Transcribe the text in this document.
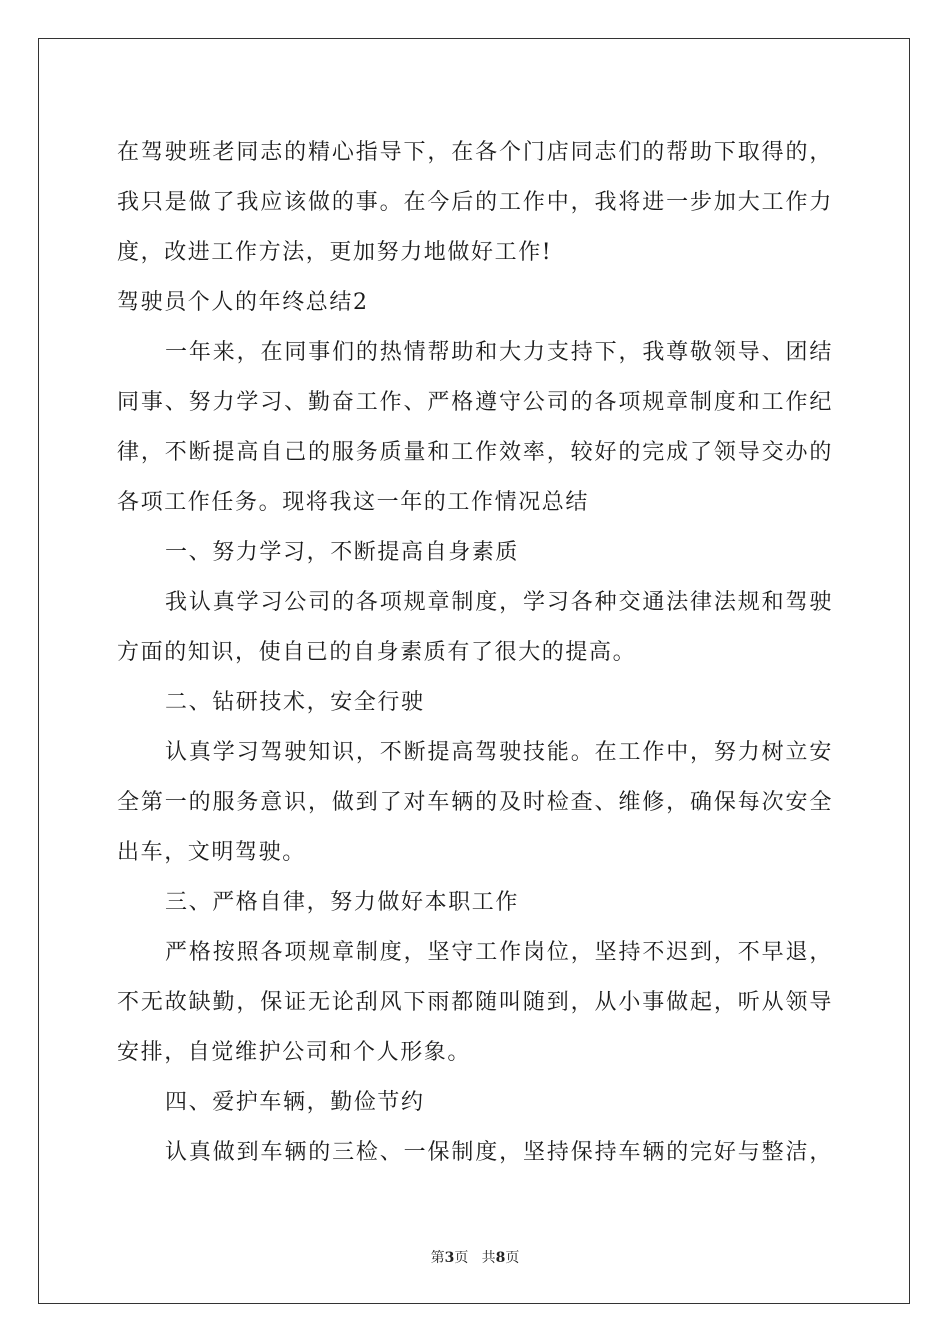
在驾驶班老同志的精心指导下，在各个门店同志们的帮助下取得的，
我只是做了我应该做的事。在今后的工作中，我将进一步加大工作力
度，改进工作方法，更加努力地做好工作!
驾驶员个人的年终总结2
一年来，在同事们的热情帮助和大力支持下，我尊敬领导、团结
同事、努力学习、勤奋工作、严格遵守公司的各项规章制度和工作纪
律，不断提高自己的服务质量和工作效率，较好的完成了领导交办的
各项工作任务。现将我这一年的工作情况总结
一、努力学习，不断提高自身素质
我认真学习公司的各项规章制度，学习各种交通法律法规和驾驶
方面的知识，使自已的自身素质有了很大的提高。
二、钻研技术，安全行驶
认真学习驾驶知识，不断提高驾驶技能。在工作中，努力树立安
全第一的服务意识，做到了对车辆的及时检查、维修，确保每次安全
出车，文明驾驶。
三、严格自律，努力做好本职工作
严格按照各项规章制度，坚守工作岗位，坚持不迟到，不早退，
不无故缺勤，保证无论刮风下雨都随叫随到，从小事做起，听从领导
安排，自觉维护公司和个人形象。
四、爱护车辆，勤俭节约
认真做到车辆的三检、一保制度，坚持保持车辆的完好与整洁，
第3页 共8页
